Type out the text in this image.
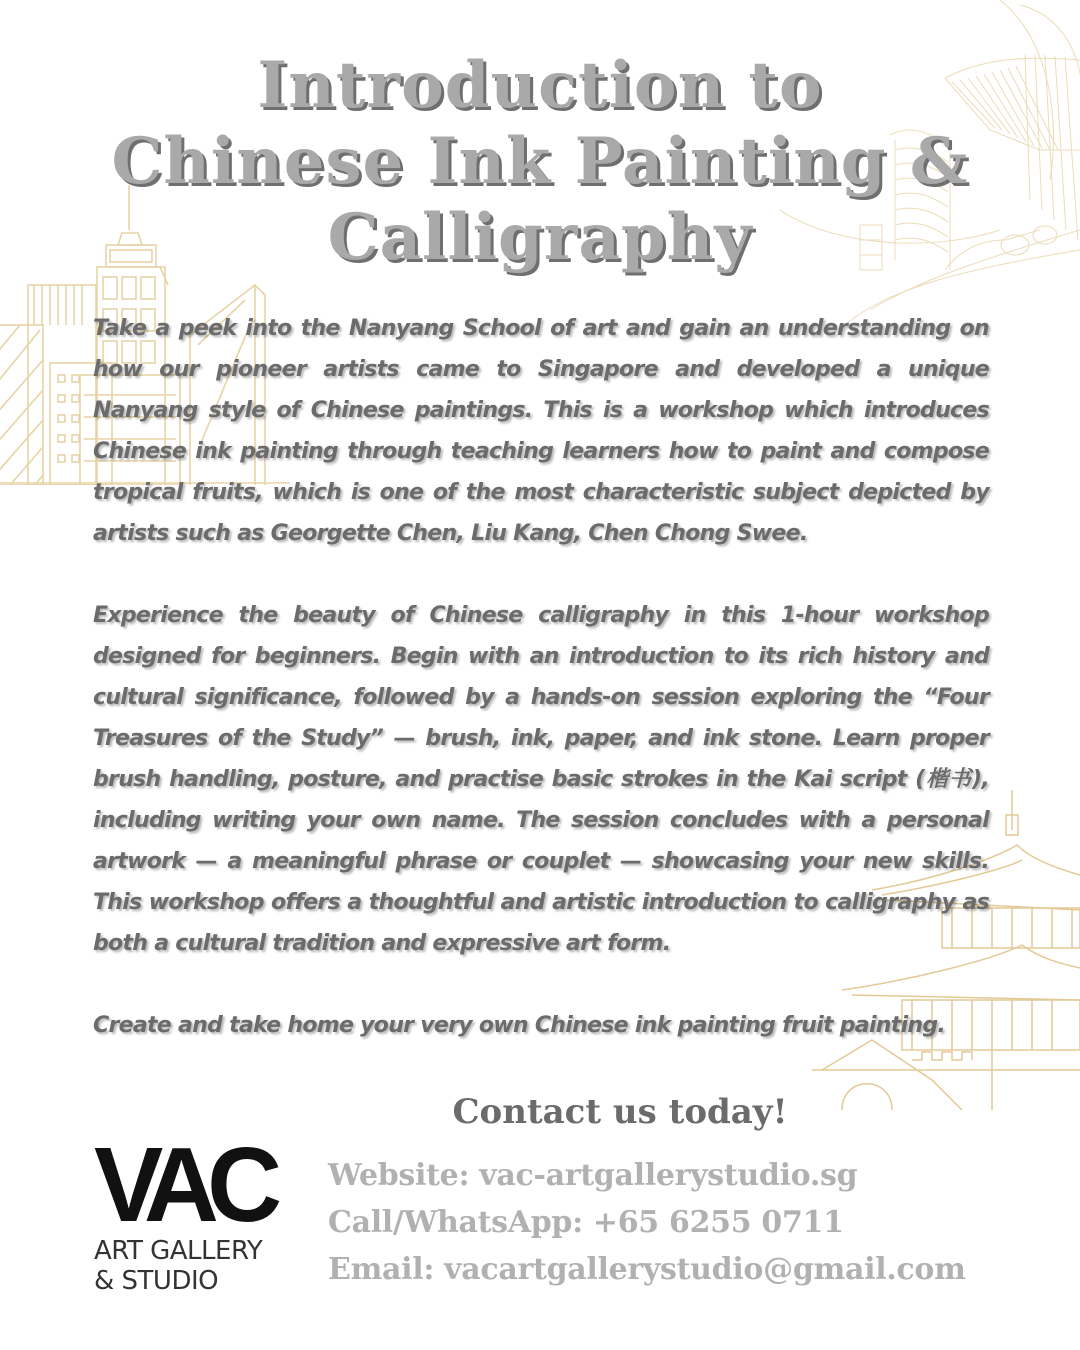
Introduction to
Chinese Ink Painting &
Calligraphy

Take a peek into the Nanyang School of art and gain an understanding on how our pioneer artists came to Singapore and developed a unique Nanyang style of Chinese paintings. This is a workshop which introduces Chinese ink painting through teaching learners how to paint and compose tropical fruits, which is one of the most characteristic subject depicted by artists such as Georgette Chen, Liu Kang, Chen Chong Swee.

Experience the beauty of Chinese calligraphy in this 1-hour workshop designed for beginners. Begin with an introduction to its rich history and cultural significance, followed by a hands-on session exploring the “Four Treasures of the Study” — brush, ink, paper, and ink stone. Learn proper brush handling, posture, and practise basic strokes in the Kai script (楷书), including writing your own name. The session concludes with a personal artwork — a meaningful phrase or couplet — showcasing your new skills. This workshop offers a thoughtful and artistic introduction to calligraphy as both a cultural tradition and expressive art form.

Create and take home your very own Chinese ink painting fruit painting.

VAC
ART GALLERY
& STUDIO
Contact us today!
Website: vac-artgallerystudio.sg
Call/WhatsApp: +65 6255 0711
Email: vacartgallerystudio@gmail.com
